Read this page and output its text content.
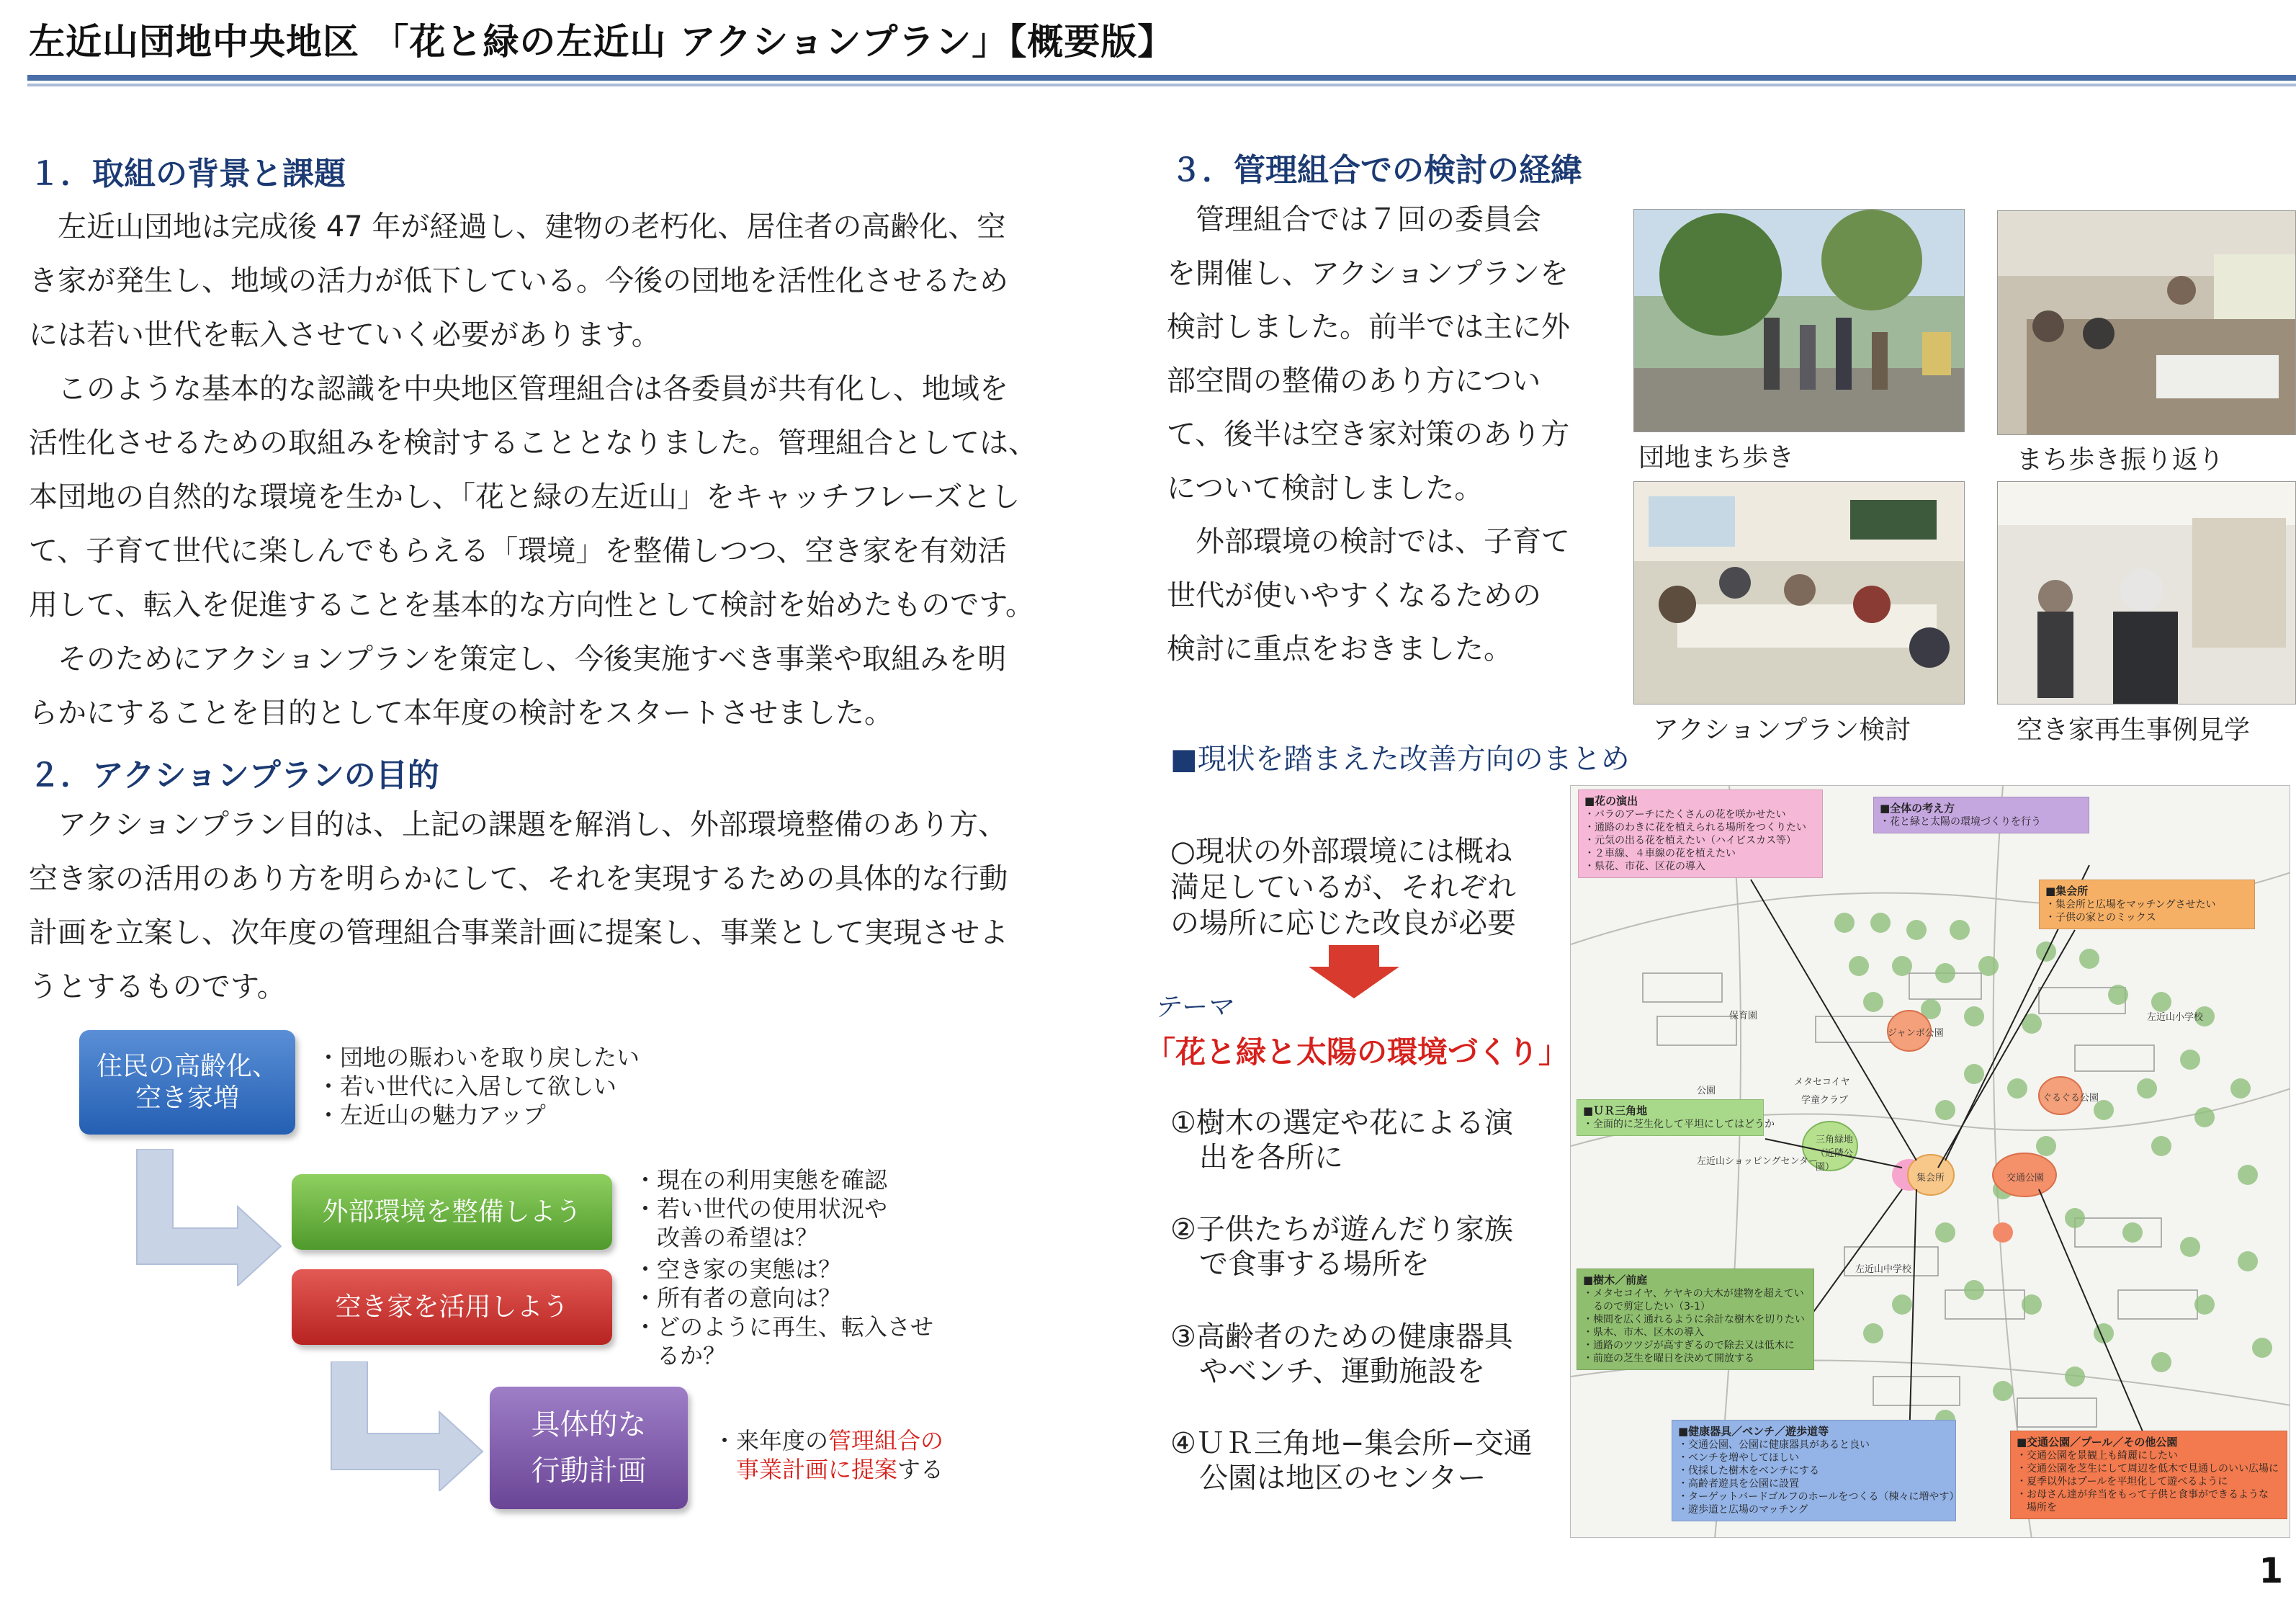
左近山団地中央地区 「花と緑の左近山 アクションプラン」【概要版】
１．取組の背景と課題

　左近山団地は完成後 47 年が経過し、建物の老朽化、居住者の高齢化、空

き家が発生し、地域の活力が低下している。今後の団地を活性化させるため

には若い世代を転入させていく必要があります。

　このような基本的な認識を中央地区管理組合は各委員が共有化し、地域を

活性化させるための取組みを検討することとなりました。管理組合としては、

本団地の自然的な環境を生かし、「花と緑の左近山」をキャッチフレーズとし

て、子育て世代に楽しんでもらえる「環境」を整備しつつ、空き家を有効活

用して、転入を促進することを基本的な方向性として検討を始めたものです。

　そのためにアクションプランを策定し、今後実施すべき事業や取組みを明

らかにすることを目的として本年度の検討をスタートさせました。

２．アクションプランの目的

　アクションプラン目的は、上記の課題を解消し、外部環境整備のあり方、

空き家の活用のあり方を明らかにして、それを実現するための具体的な行動

計画を立案し、次年度の管理組合事業計画に提案し、事業として実現させよ

うとするものです。

住民の高齢化、
空き家増
・団地の賑わいを取り戻したい
・若い世代に入居して欲しい
・左近山の魅力アップ
外部環境を整備しよう
・現在の利用実態を確認
・若い世代の使用状況や
　改善の希望は？
空き家を活用しよう
・空き家の実態は？
・所有者の意向は？
・どのように再生、転入させ
　るか？
具体的な
行動計画
・来年度の管理組合の
　事業計画に提案する
３．管理組合での検討の経緯

　管理組合では７回の委員会

を開催し、アクションプランを

検討しました。前半では主に外

部空間の整備のあり方につい

て、後半は空き家対策のあり方

について検討しました。

　外部環境の検討では、子育て

世代が使いやすくなるための

検討に重点をおきました。

団地まち歩き	まち歩き振り返り
アクションプラン検討	空き家再生事例見学
■現状を踏まえた改善方向のまとめ
○現状の外部環境には概ね
満足しているが、それぞれ
の場所に応じた改良が必要
テーマ
「花と緑と太陽の環境づくり」
①樹木の選定や花による演
　出を各所に
②子供たちが遊んだり家族
　で食事する場所を
③高齢者のための健康器具
　やベンチ、運動施設を
④ＵＲ三角地−集会所−交通
　公園は地区のセンター
■花の演出
・バラのアーチにたくさんの花を咲かせたい
・通路のわきに花を植えられる場所をつくりたい
・元気の出る花を植えたい（ハイビスカス等）
・２車線、４車線の花を植えたい
・県花、市花、区花の導入
■全体の考え方
・花と緑と太陽の環境づくりを行う
■集会所
・集会所と広場をマッチングさせたい
・子供の家とのミックス
■ＵＲ三角地
・全面的に芝生化して平坦にしてはどうか
■樹木／前庭
・メタセコイヤ、ケヤキの大木が建物を超えてい
　るので剪定したい（3-1）
・棟間を広く通れるように余計な樹木を切りたい
・県木、市木、区木の導入
・通路のツツジが高すぎるので除去又は低木に
・前庭の芝生を曜日を決めて開放する
■健康器具／ベンチ／遊歩道等
・交通公園、公園に健康器具があると良い
・ベンチを増やしてほしい
・伐採した樹木をベンチにする
・高齢者遊具を公園に設置
・ターゲットバードゴルフのホールをつくる（棟々に増やす）
・遊歩道と広場のマッチング
■交通公園／プール／その他公園
・交通公園を景観上も綺麗にしたい
・交通公園を芝生にして周辺を低木で見通しのいい広場に
・夏季以外はプールを平坦化して遊べるように
・お母さん達が弁当をもって子供と食事ができるような
　場所を
左近山小学校
左近山中学校
保育園
ジャンボ公園
ぐるぐる公園
交通公園
集会所
三角緑地（近隣公園）
メタセコイヤ
学童クラブ
公園
左近山ショッピングセンター
1
